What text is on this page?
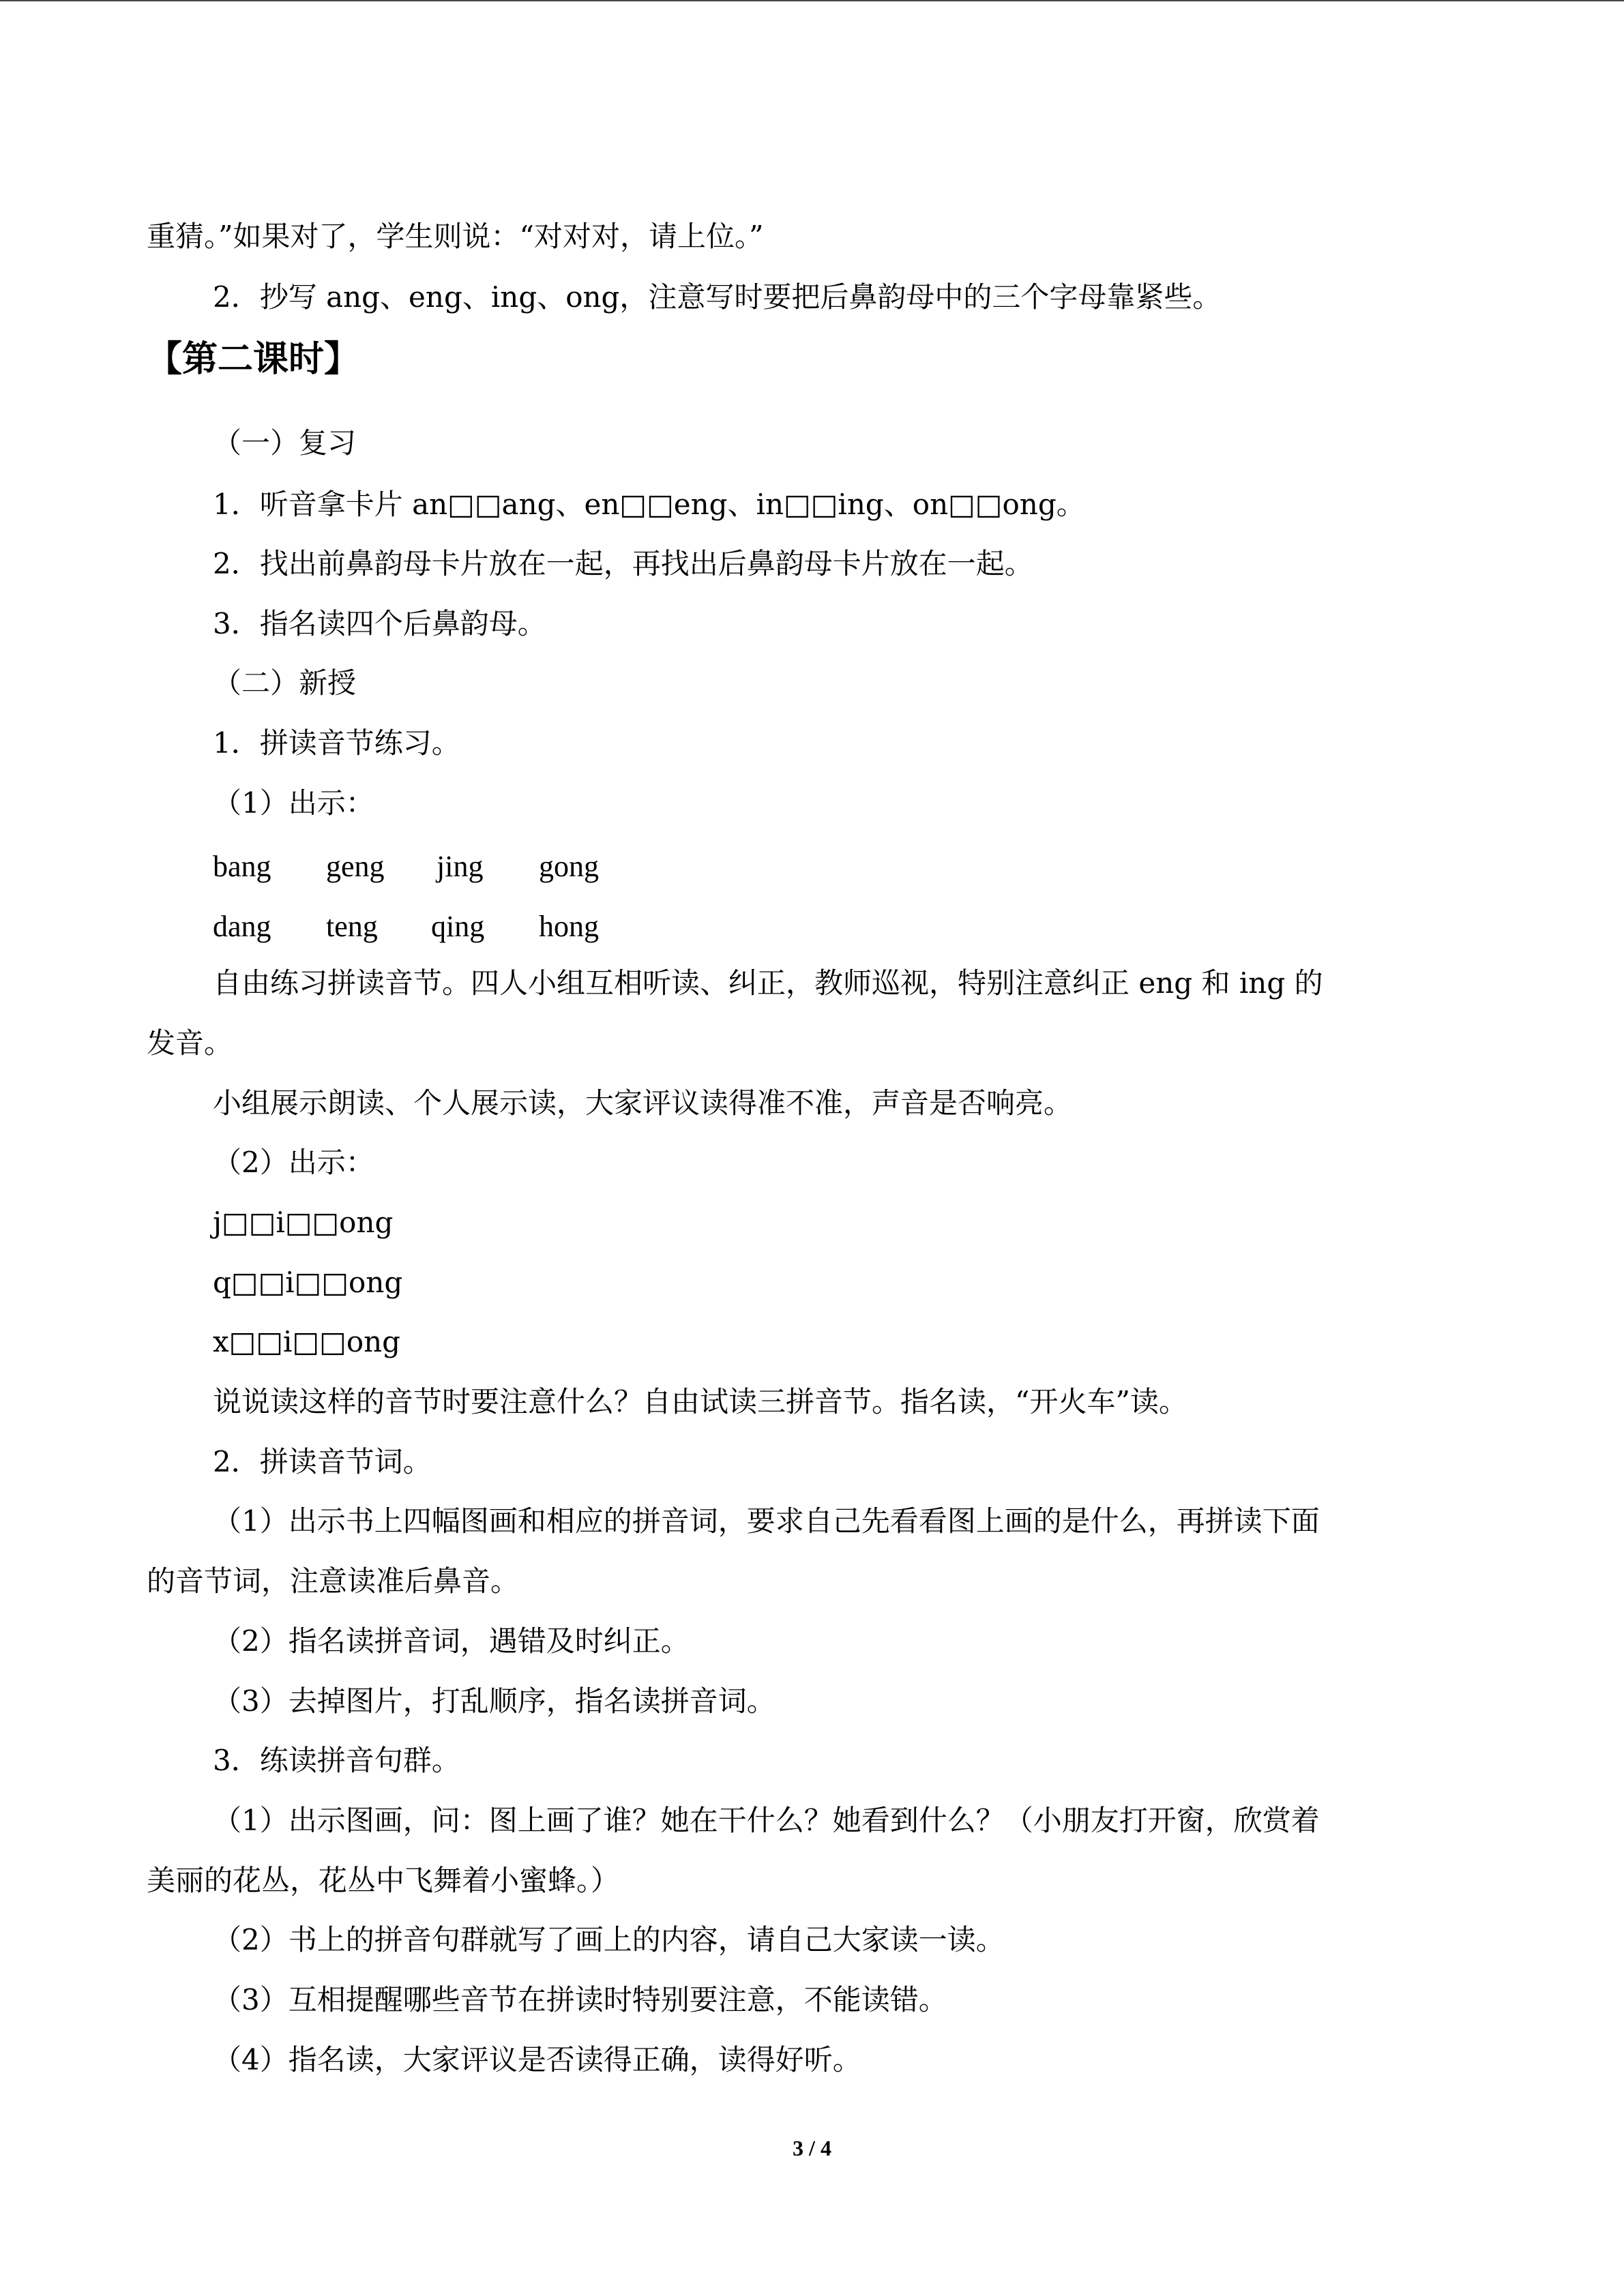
重猜。”如果对了，学生则说：“对对对，请上位。”
2．抄写 ang、eng、ing、ong，注意写时要把后鼻韵母中的三个字母靠紧些。
【第二课时】
（一）复习
1．听音拿卡片 an□□ang、en□□eng、in□□ing、on□□ong。
2．找出前鼻韵母卡片放在一起，再找出后鼻韵母卡片放在一起。
3．指名读四个后鼻韵母。
（二）新授
1．拼读音节练习。
（1）出示：
bang geng jing gong
dang teng qing hong
自由练习拼读音节。四人小组互相听读、纠正，教师巡视，特别注意纠正 eng 和 ing 的
发音。
小组展示朗读、个人展示读，大家评议读得准不准，声音是否响亮。
（2）出示：
j□□i□□ong
q□□i□□ong
x□□i□□ong
说说读这样的音节时要注意什么？自由试读三拼音节。指名读，“开火车”读。
2．拼读音节词。
（1）出示书上四幅图画和相应的拼音词，要求自己先看看图上画的是什么，再拼读下面
的音节词，注意读准后鼻音。
（2）指名读拼音词，遇错及时纠正。
（3）去掉图片，打乱顺序，指名读拼音词。
3．练读拼音句群。
（1）出示图画，问：图上画了谁？她在干什么？她看到什么？（小朋友打开窗，欣赏着
美丽的花丛，花丛中飞舞着小蜜蜂。）
（2）书上的拼音句群就写了画上的内容，请自己大家读一读。
（3）互相提醒哪些音节在拼读时特别要注意，不能读错。
（4）指名读，大家评议是否读得正确，读得好听。
3 / 4
